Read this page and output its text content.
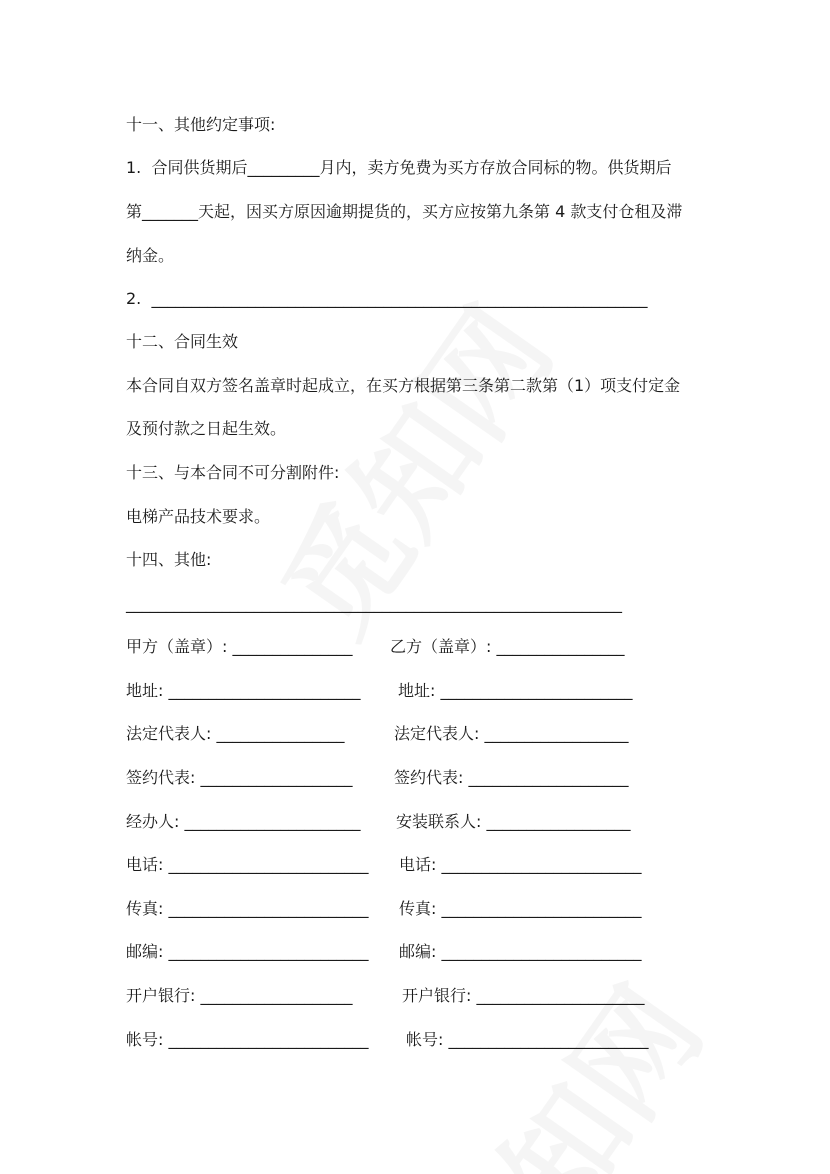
十一、其他约定事项:
1.  合同供货期后_________月内，卖方免费为买方存放合同标的物。供货期后
第_______天起，因买方原因逾期提货的，买方应按第九条第 4 款支付仓租及滞
纳金。
2.  ______________________________________________________________
十二、合同生效
本合同自双方签名盖章时起成立，在买方根据第三条第二款第（1）项支付定金
及预付款之日起生效。
十三、与本合同不可分割附件:
电梯产品技术要求。
十四、其他:
______________________________________________________________
甲方（盖章）: _______________ 乙方（盖章）: ________________
地址: ________________________ 地址: ________________________
法定代表人: ________________	法定代表人: __________________
签约代表: ___________________	签约代表: ____________________
经办人: ______________________ 安装联系人: __________________
电话: _________________________ 电话: _________________________
传真: _________________________ 传真: _________________________
邮编: _________________________ 邮编: _________________________
开户银行: ___________________	开户银行: _____________________
帐号: _________________________ 帐号: _________________________
